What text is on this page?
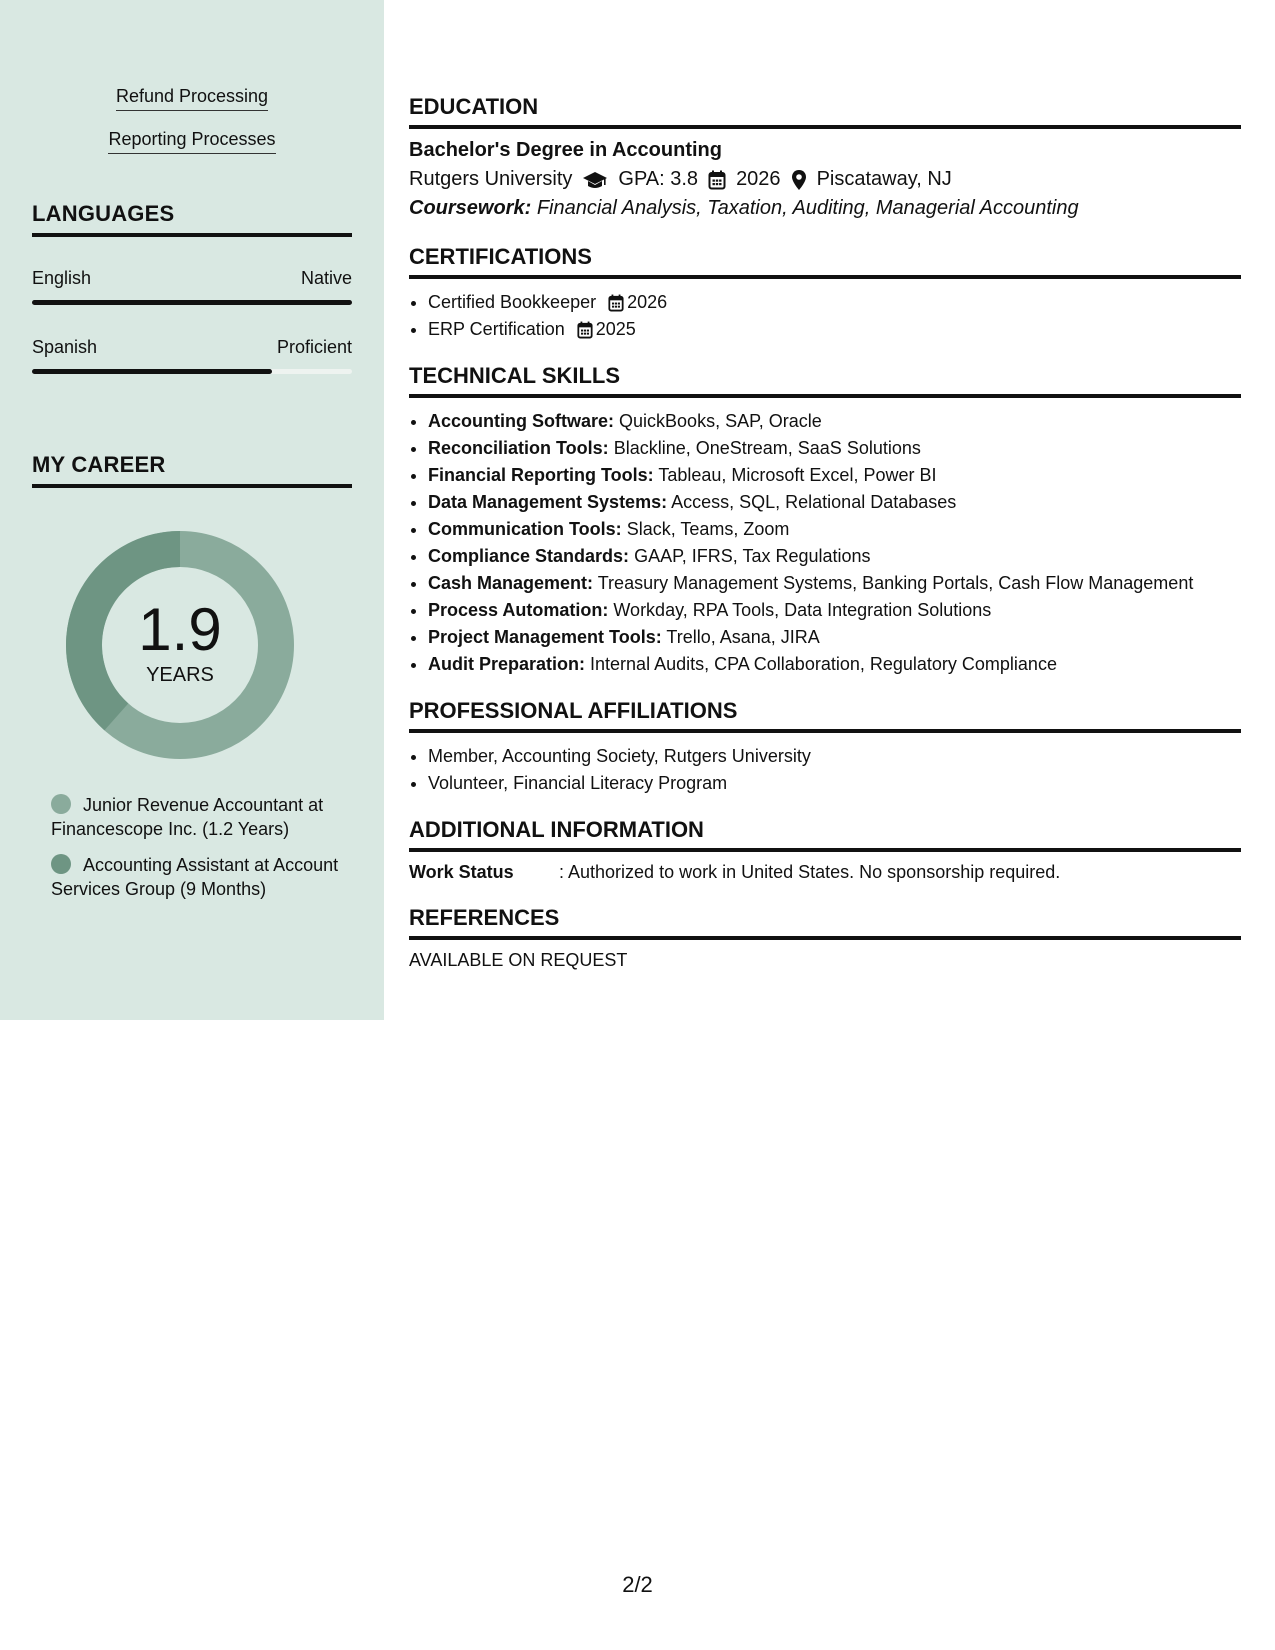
Refund Processing
Reporting Processes
LANGUAGES
English	Native
Spanish	Proficient
MY CAREER
1.9
YEARS
Junior Revenue Accountant at Financescope Inc. (1.2 Years)
Accounting Assistant at Account Services Group (9 Months)
EDUCATION
Bachelor's Degree in Accounting
Rutgers University GPA: 3.8 2026 Piscataway, NJ
Coursework: Financial Analysis, Taxation, Auditing, Managerial Accounting
CERTIFICATIONS
• Certified Bookkeeper 2026
• ERP Certification 2025
TECHNICAL SKILLS
• Accounting Software: QuickBooks, SAP, Oracle
• Reconciliation Tools: Blackline, OneStream, SaaS Solutions
• Financial Reporting Tools: Tableau, Microsoft Excel, Power BI
• Data Management Systems: Access, SQL, Relational Databases
• Communication Tools: Slack, Teams, Zoom
• Compliance Standards: GAAP, IFRS, Tax Regulations
• Cash Management: Treasury Management Systems, Banking Portals, Cash Flow Management
• Process Automation: Workday, RPA Tools, Data Integration Solutions
• Project Management Tools: Trello, Asana, JIRA
• Audit Preparation: Internal Audits, CPA Collaboration, Regulatory Compliance
PROFESSIONAL AFFILIATIONS
• Member, Accounting Society, Rutgers University
• Volunteer, Financial Literacy Program
ADDITIONAL INFORMATION
Work Status	: Authorized to work in United States. No sponsorship required.
REFERENCES
AVAILABLE ON REQUEST
2/2
